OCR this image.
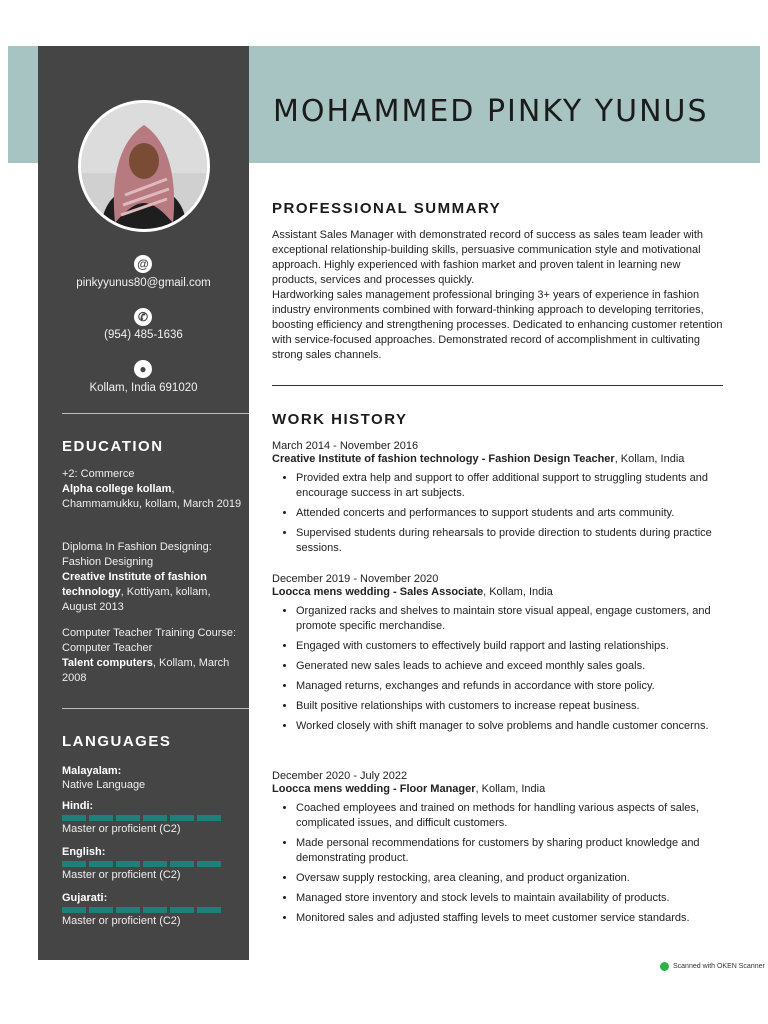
@
pinkyyunus80@gmail.com
✆
(954) 485-1636
●
Kollam, India 691020
EDUCATION
+2: Commerce
Alpha college kollam, Chammamukku, kollam, March 2019
Diploma In Fashion Designing: Fashion Designing
Creative Institute of fashion technology, Kottiyam, kollam, August 2013
Computer Teacher Training Course: Computer Teacher
Talent computers, Kollam, March 2008
LANGUAGES
Malayalam:
Native Language
Hindi:
Master or proficient (C2)
English:
Master or proficient (C2)
Gujarati:
Master or proficient (C2)
MOHAMMED PINKY YUNUS
PROFESSIONAL SUMMARY
Assistant Sales Manager with demonstrated record of success as sales team leader with exceptional relationship-building skills, persuasive communication style and motivational approach. Highly experienced with fashion market and proven talent in learning new products, services and processes quickly.
Hardworking sales management professional bringing 3+ years of experience in fashion industry environments combined with forward-thinking approach to developing territories, boosting efficiency and strengthening processes. Dedicated to enhancing customer retention with service-focused approaches. Demonstrated record of accomplishment in cultivating strong sales channels.
WORK HISTORY
March 2014 - November 2016
Creative Institute of fashion technology - Fashion Design Teacher, Kollam, India
• Provided extra help and support to offer additional support to struggling students and encourage success in art subjects.
• Attended concerts and performances to support students and arts community.
• Supervised students during rehearsals to provide direction to students during practice sessions.
December 2019 - November 2020
Loocca mens wedding - Sales Associate, Kollam, India
• Organized racks and shelves to maintain store visual appeal, engage customers, and promote specific merchandise.
• Engaged with customers to effectively build rapport and lasting relationships.
• Generated new sales leads to achieve and exceed monthly sales goals.
• Managed returns, exchanges and refunds in accordance with store policy.
• Built positive relationships with customers to increase repeat business.
• Worked closely with shift manager to solve problems and handle customer concerns.
December 2020 - July 2022
Loocca mens wedding - Floor Manager, Kollam, India
• Coached employees and trained on methods for handling various aspects of sales, complicated issues, and difficult customers.
• Made personal recommendations for customers by sharing product knowledge and demonstrating product.
• Oversaw supply restocking, area cleaning, and product organization.
• Managed store inventory and stock levels to maintain availability of products.
• Monitored sales and adjusted staffing levels to meet customer service standards.
Scanned with OKEN Scanner
